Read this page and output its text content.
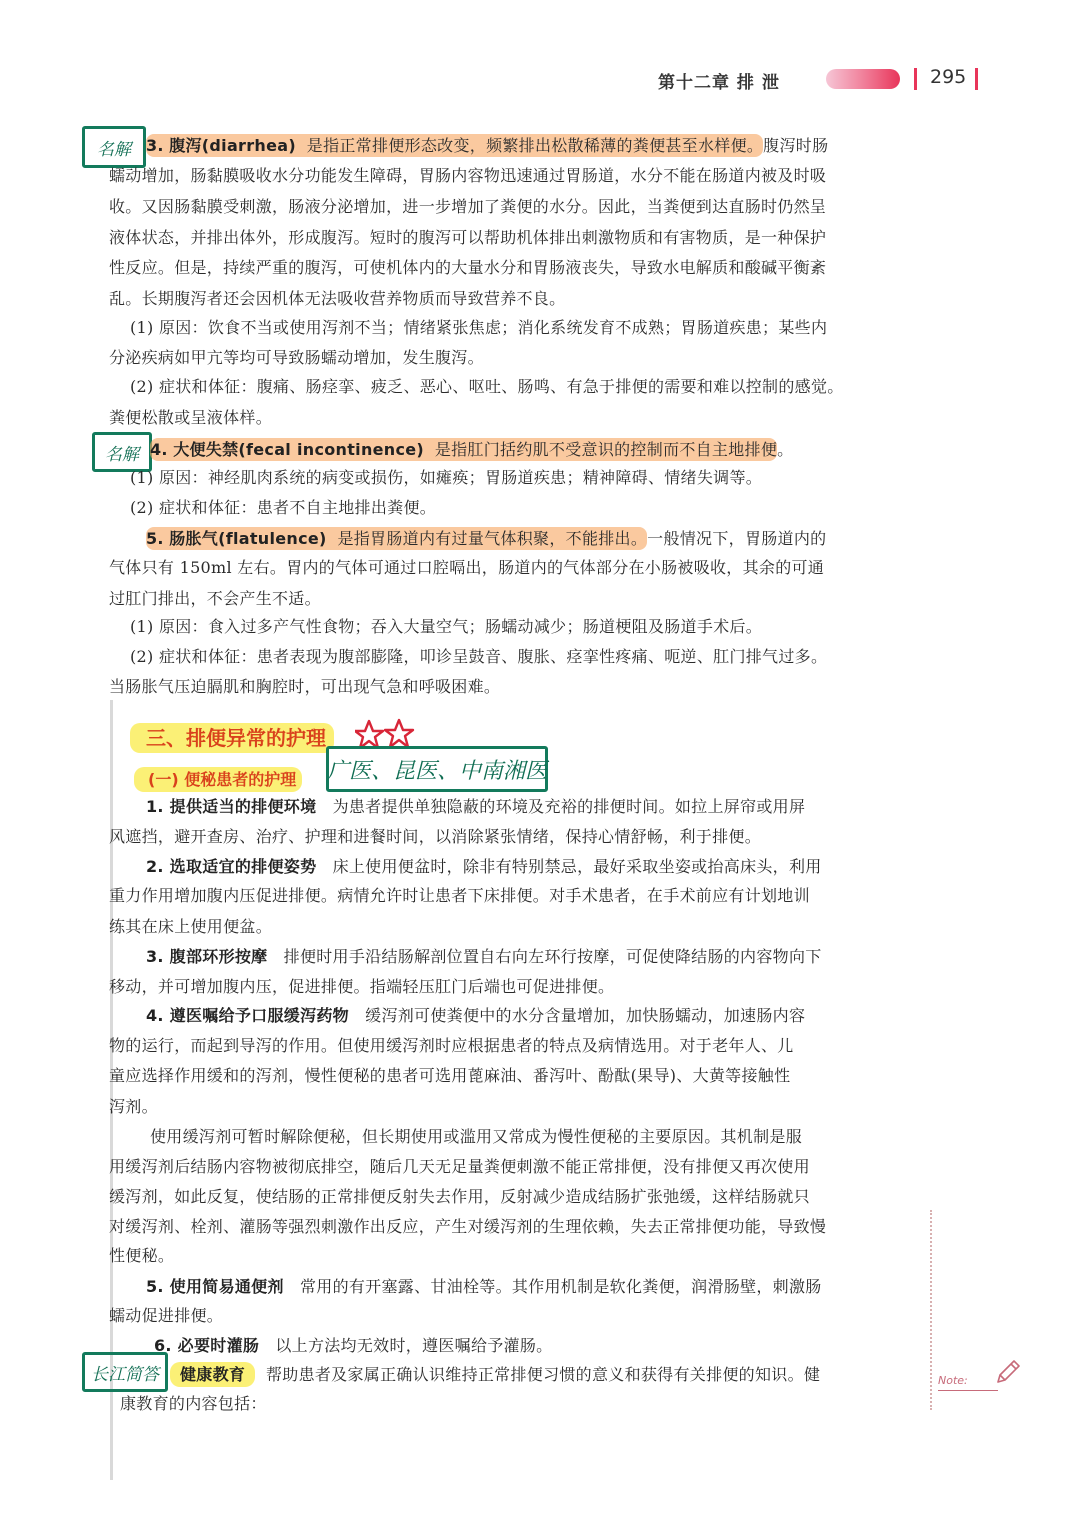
第十二章 排 泄	295
名解 3. 腹泻(diarrhea) 是指正常排便形态改变，频繁排出松散稀薄的粪便甚至水样便。腹泻时肠
蠕动增加，肠黏膜吸收水分功能发生障碍，胃肠内容物迅速通过胃肠道，水分不能在肠道内被及时吸
收。又因肠黏膜受刺激，肠液分泌增加，进一步增加了粪便的水分。因此，当粪便到达直肠时仍然呈
液体状态，并排出体外，形成腹泻。短时的腹泻可以帮助机体排出刺激物质和有害物质，是一种保护
性反应。但是，持续严重的腹泻，可使机体内的大量水分和胃肠液丧失，导致水电解质和酸碱平衡紊
乱。长期腹泻者还会因机体无法吸收营养物质而导致营养不良。
(1) 原因：饮食不当或使用泻剂不当；情绪紧张焦虑；消化系统发育不成熟；胃肠道疾患；某些内
分泌疾病如甲亢等均可导致肠蠕动增加，发生腹泻。
(2) 症状和体征：腹痛、肠痉挛、疲乏、恶心、呕吐、肠鸣、有急于排便的需要和难以控制的感觉。
粪便松散或呈液体样。
名解 4. 大便失禁(fecal incontinence) 是指肛门括约肌不受意识的控制而不自主地排便。
(1) 原因：神经肌肉系统的病变或损伤，如瘫痪；胃肠道疾患；精神障碍、情绪失调等。
(2) 症状和体征：患者不自主地排出粪便。
5. 肠胀气(flatulence) 是指胃肠道内有过量气体积聚，不能排出。一般情况下，胃肠道内的
气体只有 150ml 左右。胃内的气体可通过口腔嗝出，肠道内的气体部分在小肠被吸收，其余的可通
过肛门排出，不会产生不适。
(1) 原因：食入过多产气性食物；吞入大量空气；肠蠕动减少；肠道梗阻及肠道手术后。
(2) 症状和体征：患者表现为腹部膨隆，叩诊呈鼓音、腹胀、痉挛性疼痛、呃逆、肛门排气过多。
当肠胀气压迫膈肌和胸腔时，可出现气急和呼吸困难。
三、排便异常的护理
(一) 便秘患者的护理 广医、昆医、中南湘医
1. 提供适当的排便环境 为患者提供单独隐蔽的环境及充裕的排便时间。如拉上屏帘或用屏
风遮挡，避开查房、治疗、护理和进餐时间，以消除紧张情绪，保持心情舒畅，利于排便。
2. 选取适宜的排便姿势 床上使用便盆时，除非有特别禁忌，最好采取坐姿或抬高床头，利用
重力作用增加腹内压促进排便。病情允许时让患者下床排便。对手术患者，在手术前应有计划地训
练其在床上使用便盆。
3. 腹部环形按摩 排便时用手沿结肠解剖位置自右向左环行按摩，可促使降结肠的内容物向下
移动，并可增加腹内压，促进排便。指端轻压肛门后端也可促进排便。
4. 遵医嘱给予口服缓泻药物 缓泻剂可使粪便中的水分含量增加，加快肠蠕动，加速肠内容
物的运行，而起到导泻的作用。但使用缓泻剂时应根据患者的特点及病情选用。对于老年人、儿
童应选择作用缓和的泻剂，慢性便秘的患者可选用蓖麻油、番泻叶、酚酞(果导)、大黄等接触性
泻剂。
使用缓泻剂可暂时解除便秘，但长期使用或滥用又常成为慢性便秘的主要原因。其机制是服
用缓泻剂后结肠内容物被彻底排空，随后几天无足量粪便刺激不能正常排便，没有排便又再次使用
缓泻剂，如此反复，使结肠的正常排便反射失去作用，反射减少造成结肠扩张弛缓，这样结肠就只
对缓泻剂、栓剂、灌肠等强烈刺激作出反应，产生对缓泻剂的生理依赖，失去正常排便功能，导致慢
性便秘。
5. 使用简易通便剂 常用的有开塞露、甘油栓等。其作用机制是软化粪便，润滑肠壁，刺激肠
蠕动促进排便。
6. 必要时灌肠 以上方法均无效时，遵医嘱给予灌肠。
长江简答	健康教育 帮助患者及家属正确认识维持正常排便习惯的意义和获得有关排便的知识。健
康教育的内容包括：
Note:
